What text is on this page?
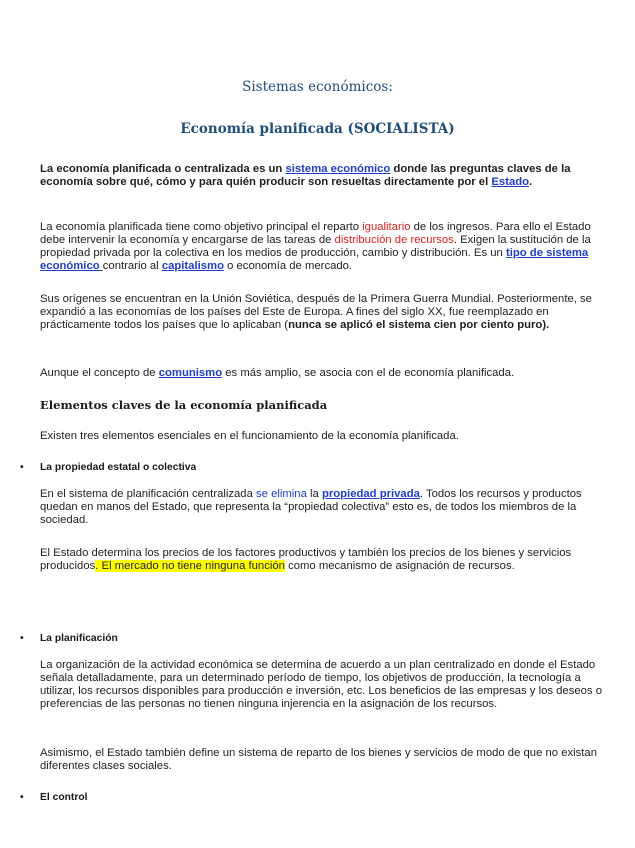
Sistemas económicos:

Economía planificada (SOCIALISTA)

La economía planificada o centralizada es un sistema económico donde las preguntas claves de la economía sobre qué, cómo y para quién producir son resueltas directamente por el Estado.

La economía planificada tiene como objetivo principal el reparto igualitario de los ingresos. Para ello el Estado debe intervenir la economía y encargarse de las tareas de distribución de recursos. Exigen la sustitución de la propiedad privada por la colectiva en los medios de producción, cambio y distribución. Es un tipo de sistema económico contrario al capitalismo o economía de mercado.

Sus orígenes se encuentran en la Unión Soviética, después de la Primera Guerra Mundial. Posteriormente, se expandió a las economías de los países del Este de Europa. A fines del siglo XX, fue reemplazado en prácticamente todos los países que lo aplicaban (nunca se aplicó el sistema cien por ciento puro).

Aunque el concepto de comunismo es más amplio, se asocia con el de economía planificada.

Elementos claves de la economía planificada

Existen tres elementos esenciales en el funcionamiento de la economía planificada.

• La propiedad estatal o colectiva

En el sistema de planificación centralizada se elimina la propiedad privada. Todos los recursos y productos quedan en manos del Estado, que representa la “propiedad colectiva” esto es, de todos los miembros de la sociedad.

El Estado determina los precios de los factores productivos y también los precios de los bienes y servicios producidos. El mercado no tiene ninguna función como mecanismo de asignación de recursos.

• La planificación

La organización de la actividad económica se determina de acuerdo a un plan centralizado en donde el Estado señala detalladamente, para un determinado período de tiempo, los objetivos de producción, la tecnología a utilizar, los recursos disponibles para producción e inversión, etc. Los beneficios de las empresas y los deseos o preferencias de las personas no tienen ninguna injerencia en la asignación de los recursos.

Asimismo, el Estado también define un sistema de reparto de los bienes y servicios de modo de que no existan diferentes clases sociales.

• El control
